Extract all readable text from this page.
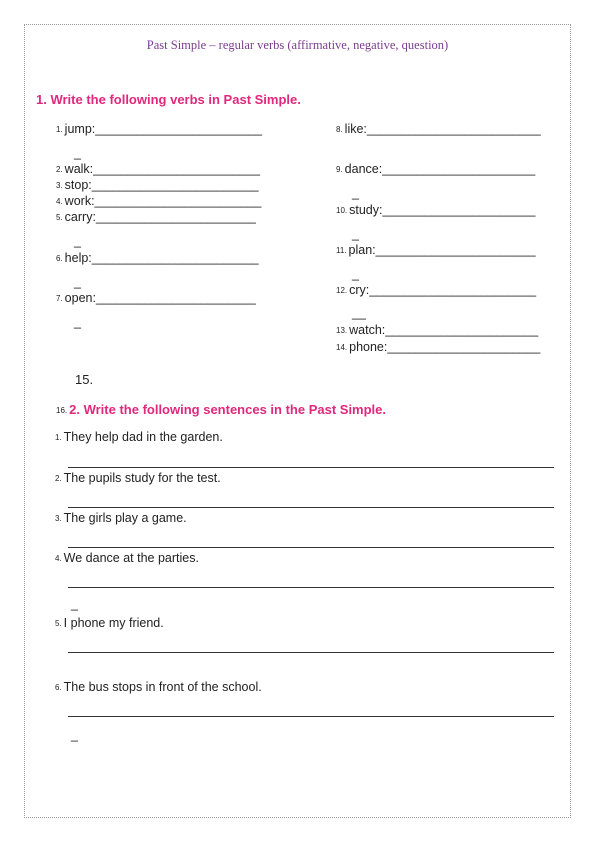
Past Simple – regular verbs (affirmative, negative, question)
1. Write the following verbs in Past Simple.
1. jump:________________________
_
2. walk:________________________
3. stop:________________________
4. work:________________________
5. carry:_______________________
_
6. help:________________________
_
7. open:_______________________
_
8. like:_________________________
9. dance:______________________
_
10. study:______________________
_
11. plan:_______________________
_
12. cry:________________________
__
13. watch:______________________
14. phone:______________________
15.
16. 2. Write the following sentences in the Past Simple.
1. They help dad in the garden.
2. The pupils study for the test.
3. The girls play a game.
4. We dance at the parties.
_
5. I phone my friend.
6. The bus stops in front of the school.
_
